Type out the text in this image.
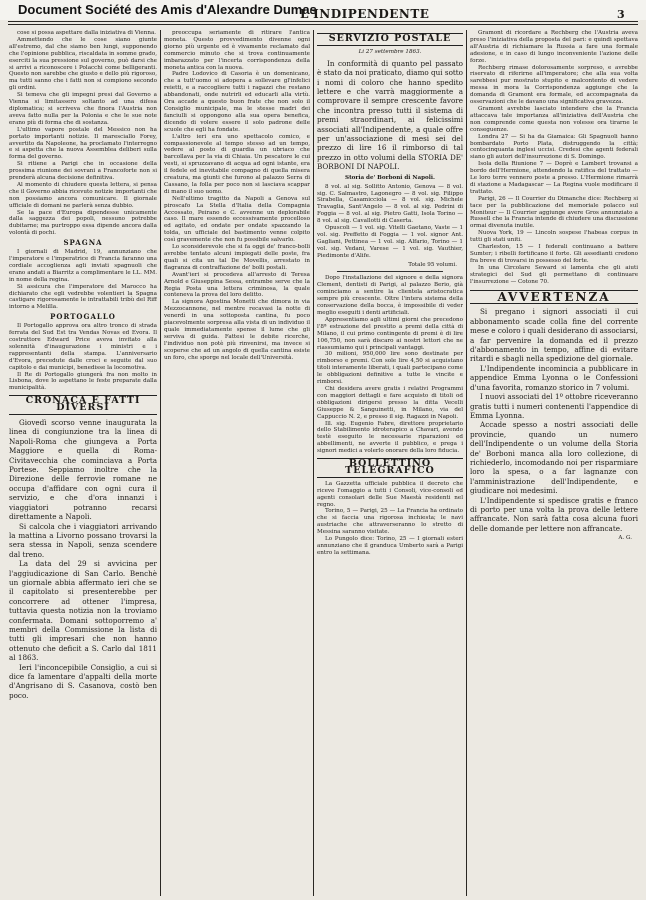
Document Société des Amis d'Alexandre Dumas
L'INDIPENDENTE	3

cose si possa aspettare dalla iniziativa di Vienna.

Ammettendo che le cose siano giunte all'estremo, dal che siamo ben lungi, supponendo che l'opinione pubblica, riscaldata in somme grado, eserciti la sua pressione sul governo, può darsi che si arrivi a riconoscere i Polacchi come belligeranti. Questo non sarebbe che giusto e dello più rigoroso, ma tutti sanno che i fatti non si compiono secondo gli ordini.

Si temeva che gli impegni presi dal Governo a Vienna si limitassero soltanto ad una difesa diplomatica; si scriveva che finora l'Austria non aveva fatto nulla per la Polonia e che le sue note erano più di forma che di sostanza.

L'ultimo vapore postale del Messico non ha portato importanti notizie. Il maresciallo Forey, avvertito da Napoleone, ha proclamato l'interregno e si aspetta che la nuova Assemblea deliberi sulla forma del governo.

Si ritiene a Parigi che in occasione della prossima riunione dei sovrani a Francoforte non si prenderà alcuna decisione definitiva.

Al momento di chiudere questa lettera, si pensa che il Governo abbia ricevuto notizie importanti che non possiamo ancora comunicare. Il giornale ufficiale di domani ne parlerà senza dubbio.

Se la pace d'Europa dipendesse unicamente dalla saggezza dei popoli, nessuno potrebbe dubitarne; ma purtroppo essa dipende ancora dalla volontà di pochi.

SPAGNA

I giornali di Madrid, 19, annunziano che l'imperatore e l'imperatrice di Francia faranno una cordiale accoglienza agli inviati spagnuoli che erano andati a Biarritz a complimentare le LL. MM. in nome della regina.

Si assicura che l'imperatore del Marocco ha dichiarato che egli vedrebbe volentieri la Spagna castigare rigorosamente le intrattabili tribù del Riff intorno a Melilla.

PORTOGALLO

Il Portogallo approva ora altro tronco di strada ferrata del Sud Est tra Vendas Novas ed Evora. Il costruttore Edward Price aveva invitato alla solennità d'inaugurazione i ministri e i rappresentanti della stampa. L'anniversario d'Evora, precedute dalle croci e seguite dal suo capitolo e dai municipi, benedisse la locomotiva.

Il Re di Portogallo giungerà fra non molto in Lisbona, dove lo aspettano le feste preparate dalla municipalità.

CRONACA E FATTI DIVERSI

Giovedì scorso venne inaugurata la linea di congiunzione tra la linea di Napoli-Roma che giungeva a Porta Maggiore e quella di Roma-Civitavecchia che cominciava a Porta Portese. Seppiamo inoltre che la Direzione delle ferrovie romane ne occupa d'affidare con ogni cura il servizio, e che d'ora innanzi i viaggiatori potranno recarsi direttamente a Napoli.

Si calcola che i viaggiatori arrivando la mattina a Livorno possano trovarsi la sera stessa in Napoli, senza scendere dal treno.

La data del 29 si avvicina per l'aggiudicazione di San Carlo. Benchè un giornale abbia affermato ieri che se il capitolato si presenterebbe per concorrere ad ottener l'impresa, tuttavia questa notizia non la troviamo confermata. Domani sottoporremo a' membri della Commissione la lista di tutti gli impresari che non hanno ottenuto che deficit a S. Carlo dal 1811 al 1863.

Ieri l'inconcepibile Consiglio, a cui si dice fa lamentare d'appalti della morte d'Angrisano di S. Casanova, costò ben poco.

preoccupa seriamente di ritirare l'antica moneta. Questo provvedimento divenne ogni giorno più urgente ed è vivamente reclamato dal commercio minuto che si trova continuamente imbarazzato per l'incerta corrispondenza della moneta antica con la nuova.

Padre Lodovico di Casoria è un domenicano, che a tutt'uomo si adopera a sollevare gl'infelici reietti, e a raccogliere tutti i ragazzi che restano abbandonati, onde nutrirli ed educarli alla virtù. Ora accade a questo buon frate che non solo il Consiglio municipale, ma le stesse madri dei fanciulli si oppongono alla sua opera benefica, dicendo di volere essere il solo padrone delle scuole che egli ha fondate.

L'altro ieri era uno spettacolo comico, e compassionevole al tempo stesso ad un tempo, vedere al posto di guardia un ubriaco che barcollava per la via di Chiaia. Un pescatore le cui vesti, si spruzzavano di acqua ad ogni istante, era il fedele ed inevitabile compagno di quella misera creatura, ma giunti che furono al palazzo Serra di Cassano, la folla per poco non si lasciava scappar di mano il suo uomo.

Nell'ultimo tragitto da Napoli a Genova sul piroscafo La Stella d'Italia della Compagnia Accossato, Peirano e C. avvenne un deplorabile caso. Il mare essendo eccessivamente procelloso ed agitato, ed ondate per ondate spazzando la tolda, un ufficiale del bastimento venne colpito così gravemente che non fu possibile salvarlo.

Lo sconsiderevole che si fa oggi de' franco-bolli avrebbe tentato alcuni impiegati delle poste, fra quali si cita un tal De Movellis, arrestato in flagranza di contraffazione de' bolli postali.

Avant'ieri si procedeva all'arresto di Teresa Arnold e Giuseppina Sessa, entrambe serve che la Regia Posta una lettera criminosa, la quale conteneva la prova del loro delitto.

La signora Agostina Monetti che dimora in via Mezzocannone, nel mentre recavasi la notte di venerdì in una sottoposta cantina, fu poco piacevolmente sorpresa alla vista di un individuo il quale immediatamente spense il lume che gli serviva di guida. Fattesi le debite ricerche, l'individuo non potè più rinvenirsi, ma invece si scoperse che ad un angolo di quella cantina esiste un foro, che sporge nel locale dell'Università.

SERVIZIO POSTALE
Li 27 settembre 1863.

In conformità di quanto pel passato è stato da noi praticato, diamo qui sotto i nomi di coloro che hanno spedito lettere e che varrà maggiormente a comprovare il sempre crescente favore che incontra presso tutti il sistema di premi straordinari, ai felicissimi associati all'Indipendente, a quale offre per un'associazione di mesi sei del prezzo di lire 16 il rimborso di tal prezzo in otto volumi della STORIA DE' BORBONI DI NAPOLI.

Storia de' Borboni di Napoli.

8 vol. al sig. Sollitto Antonio, Genova — 8 vol. sig. C. Salmastro, Lagonegro — 8 vol. sig. Filippo Sirabella, Casamicciola — 8 vol. sig. Michele Travaglia, Sant'Angelo — 8 vol. al sig. Pedrini di Foggia — 8 vol. al sig. Pietro Gatti, Isola Torino — 8 vol. al sig. Cavallotti di Caserta.

Opuscoli — 1 vol. sig. Vitelli Gaetano, Vaste — 1 vol. sig. Preffetto di Foggia — 1 vol. signor Ant. Gagliani, Pettinea — 1 vol. sig. Alfario, Torino — 1 vol. sig. Vedani, Varese — 1 vol. sig. Vauthier, Piedimonte d'Alife.

Totale 95 volumi.

Dopo l'installazione del signore e della signora Clement, dentisti di Parigi, al palazzo Berio, già cominciamo a sentire la clientela aristocratica sempre più crescente. Oltre l'intera sistema della conservazione della bocca, è impossibile di veder meglio eseguiti i denti artificiali.

Appresentiamo agli ultimi giorni che precedono l'8ª estrazione del prestito a premi della città di Milano, il cui primo contingente di premi è di lire 106,750, non sarà discaro ai nostri lettori che ne riassumiamo qui i principali vantaggi.

30 milioni, 950,000 lire sono destinate per rimborso e premi. Con sole lire 4,50 si acquistano titoli interamente liberati, i quali partecipano come le obbligazioni definitive a tutte le vincite e rimborsi.

Chi desidera avere gratis i relativi Programmi con maggiori dettagli e fare acquisto di titoli od obbligazioni dirigersi presso la ditta Vecelli Giuseppe & Sanguinetti, in Milano, via del Cappuccio N. 2, e presso il sig. Ragazzi in Napoli.

Ill. sig. Eugenio Fabre, direttore proprietario dello Stabilimento idroterapico a Chavari, avendo testè eseguito le necessarie riparazioni ed abbellimenti, ne avverte il pubblico, e prega i signori medici a volerlo onorare della loro fiducia.

BOLLETTINO TELEGRAFICO

La Gazzetta ufficiale pubblica il decreto che riceve l'omaggio a tutti i Consoli, vice-consoli ed agenti consolari delle Sue Maestà residenti nel regno.

Torino, 5 — Parigi, 25 — La Francia ha ordinato che si faccia una rigorosa inchiesta; le navi austriache che attraverseranno lo stretto di Messina saranno visitate.

Lo Pungolo dice: Torino, 25 — I giornali esteri annunziano che il granduca Umberto sarà a Parigi entro la settimana.

Gramont di ricordare a Rechberg che l'Austria aveva preso l'iniziativa della proposta del pari: e quindi spettava all'Austria di richiamare la Russia a fare una formale adesione, e in caso di lungo inconveniente l'azione delle forze.

Rechberg rimase dolorosamente sorpreso, e avrebbe riservato di riferirne all'imperatore; che alla sua volta sarebbesi pur mostrato stupito e malcontento di vedere messa in mora la Corrispondenza aggiunge che la domanda di Gramont era formale, ed accompagnata da osservazioni che le davano una significativa gravezza.

Gramont avrebbe lasciato intendere che la Francia attaccava tale importanza all'iniziativa dell'Austria che non comprende come questa non volesse ora tirarne le conseguenze.

Londra 27 — Si ha da Giamaica: Gli Spagnuoli hanno bombardato Porto Plata, distruggendo la città; centocinquanta inglesi uccisi. Credesi che agenti federali siano gli autori dell'insurrezione di S. Domingo.

Isola della Riunione 7 — Doprè e Lambert trovansi a bordo dell'Hermione, attendendo la ratifica del trattato — Le loro terre vennero poste a presso. L'Hermione rimarrà di stazione a Madagascar — La Regina vuole modificare il trattato.

Parigi, 26 — Il Courrier du Dimanche dice: Rechberg si tace per la pubblicazione del memoriale polacco sul Moniteur — Il Courrier aggiunge avere Gros annunziato a Russell che la Francia intende di chiudere una discussione ormai divenuta inutile.

Nuova York, 19 — Lincoln sospese l'habeas corpus in tutti gli stati uniti.

Charleston, 15 — I federali continuano a battere Sumter; i ribelli fortificano il forte. Gli assedianti credono fra breve di trovarsi in possesso del forte.

In una Circolare Seward si lamenta che gli aiuti strategici del Sud gli permettano di continuare l'insurrezione — Cotone 70.

AVVERTENZA

Si pregano i signori associati il cui abbonamento scade colla fine del corrente mese e coloro i quali desiderano di associarsi, a far pervenire la domanda ed il prezzo d'abbonamento in tempo, affine di evitare ritardi e sbagli nella spedizione del giornale.

L'Indipendente incomincia a pubblicare in appendice Emma Lyonna o le Confessioni d'una favorita, romanzo storico in 7 volumi.

I nuovi associati del 1º ottobre riceveranno gratis tutti i numeri contenenti l'appendice di Emma Lyonna.

Accade spesso a nostri associati delle provincie, quando un numero dell'Indipendente o un volume della Storia de' Borboni manca alla loro collezione, di richiederlo, incomodando noi per risparmiare loro la spesa, o a far lagnanze con l'amministrazione dell'Indipendente, e giudicare noi medesimi.

L'Indipendente si spedisce gratis e franco di porto per una volta la prova delle lettere affrancate. Non sarà fatta cosa alcuna fuori delle domande per lettere non affrancate.

A. G.
